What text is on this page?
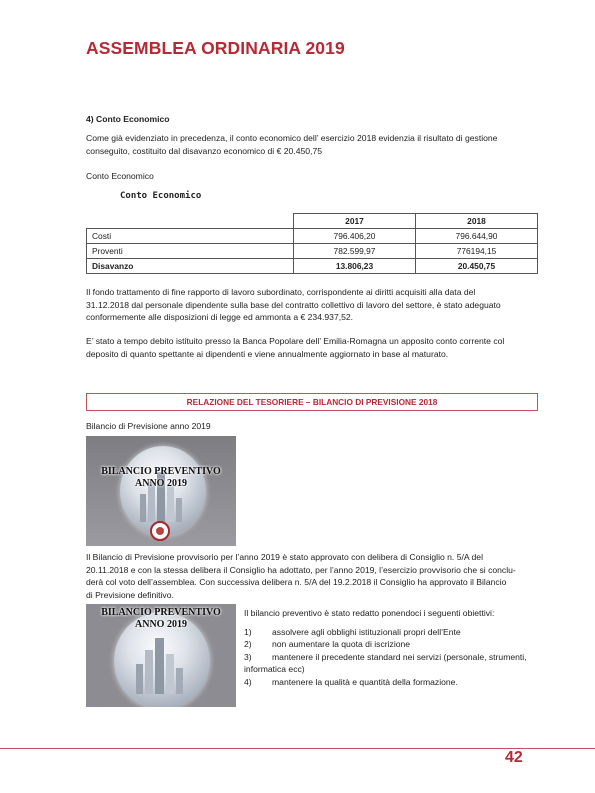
ASSEMBLEA ORDINARIA 2019
4) Conto Economico
Come già evidenziato in precedenza, il conto economico dell’ esercizio 2018 evidenzia il risultato di gestione
conseguito, costituito dal disavanzo economico di € 20.450,75
Conto Economico
Conto Economico
	2017	2018
Costi	796.406,20	796.644,90
Proventi	782.599,97	776194,15
Disavanzo	13.806,23	20.450,75
Il fondo trattamento di fine rapporto di lavoro subordinato, corrispondente ai diritti acquisiti alla data del
31.12.2018 dal personale dipendente sulla base del contratto collettivo di lavoro del settore, è stato adeguato
conformemente alle disposizioni di legge ed ammonta a € 234.937,52.
E’ stato a tempo debito istituito presso la Banca Popolare dell’ Emilia-Romagna un apposito conto corrente col
deposito di quanto spettante ai dipendenti e viene annualmente aggiornato in base al maturato.
RELAZIONE DEL TESORIERE – BILANCIO DI PREVISIONE 2018
Bilancio di Previsione anno 2019
BILANCIO PREVENTIVO
ANNO 2019
Il Bilancio di Previsione provvisorio per l’anno 2019 è stato approvato con delibera di Consiglio n. 5/A del
20.11.2018 e con la stessa delibera il Consiglio ha adottato, per l’anno 2019, l’esercizio provvisorio che si conclu-
derà col voto dell’assemblea. Con successiva delibera n. 5/A del 19.2.2018 il Consiglio ha approvato il Bilancio
di Previsione definitivo.
BILANCIO PREVENTIVO
ANNO 2019
Il bilancio preventivo è stato redatto ponendoci i seguenti obiettivi:
1) assolvere agli obblighi istituzionali propri dell’Ente
2) non aumentare la quota di iscrizione
3) mantenere il precedente standard nei servizi (personale, strumenti, informatica ecc)
4) mantenere la qualità e quantità della formazione.
42
